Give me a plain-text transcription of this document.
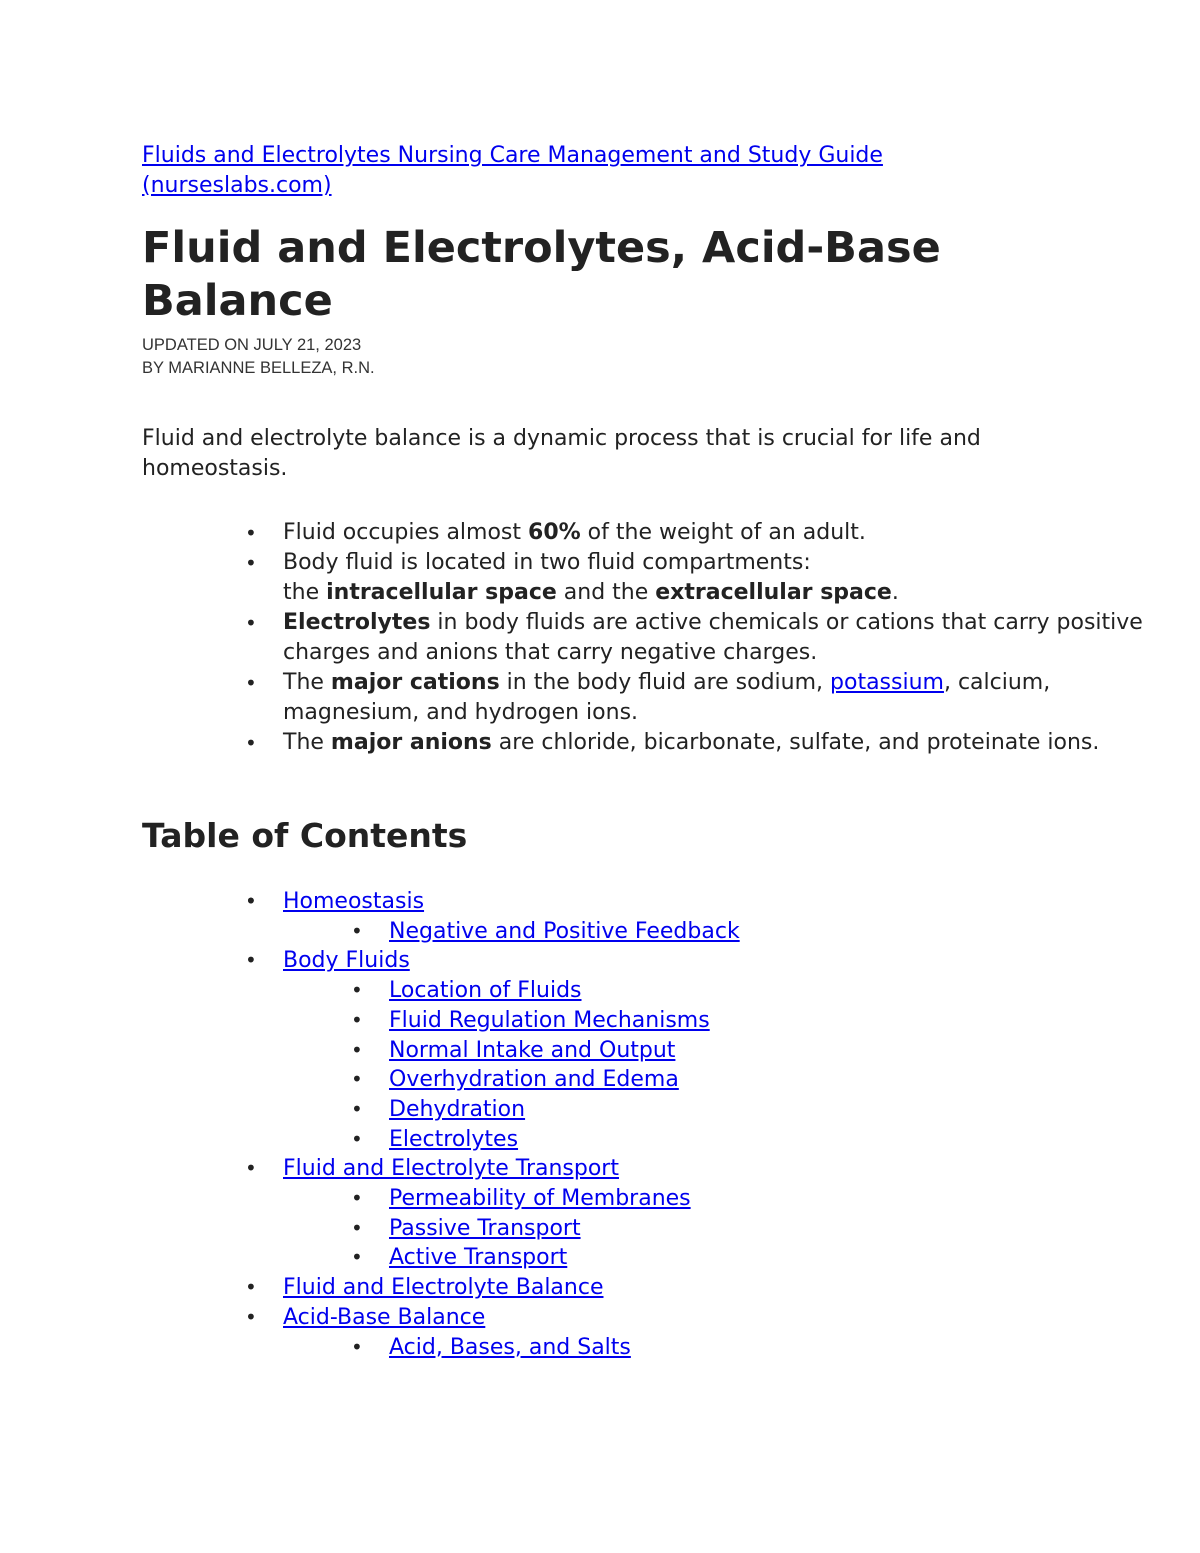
Fluids and Electrolytes Nursing Care Management and Study Guide
(nurseslabs.com)
Fluid and Electrolytes, Acid-Base Balance
UPDATED ON JULY 21, 2023
BY MARIANNE BELLEZA, R.N.

Fluid and electrolyte balance is a dynamic process that is crucial for life and homeostasis.

• Fluid occupies almost 60% of the weight of an adult.
• Body fluid is located in two fluid compartments:
the intracellular space and the extracellular space.
• Electrolytes in body fluids are active chemicals or cations that carry positive charges and anions that carry negative charges.
• The major cations in the body fluid are sodium, potassium, calcium, magnesium, and hydrogen ions.
• The major anions are chloride, bicarbonate, sulfate, and proteinate ions.
Table of Contents
• Homeostasis
• Negative and Positive Feedback
• Body Fluids
• Location of Fluids
• Fluid Regulation Mechanisms
• Normal Intake and Output
• Overhydration and Edema
• Dehydration
• Electrolytes
• Fluid and Electrolyte Transport
• Permeability of Membranes
• Passive Transport
• Active Transport
• Fluid and Electrolyte Balance
• Acid-Base Balance
• Acid, Bases, and Salts
